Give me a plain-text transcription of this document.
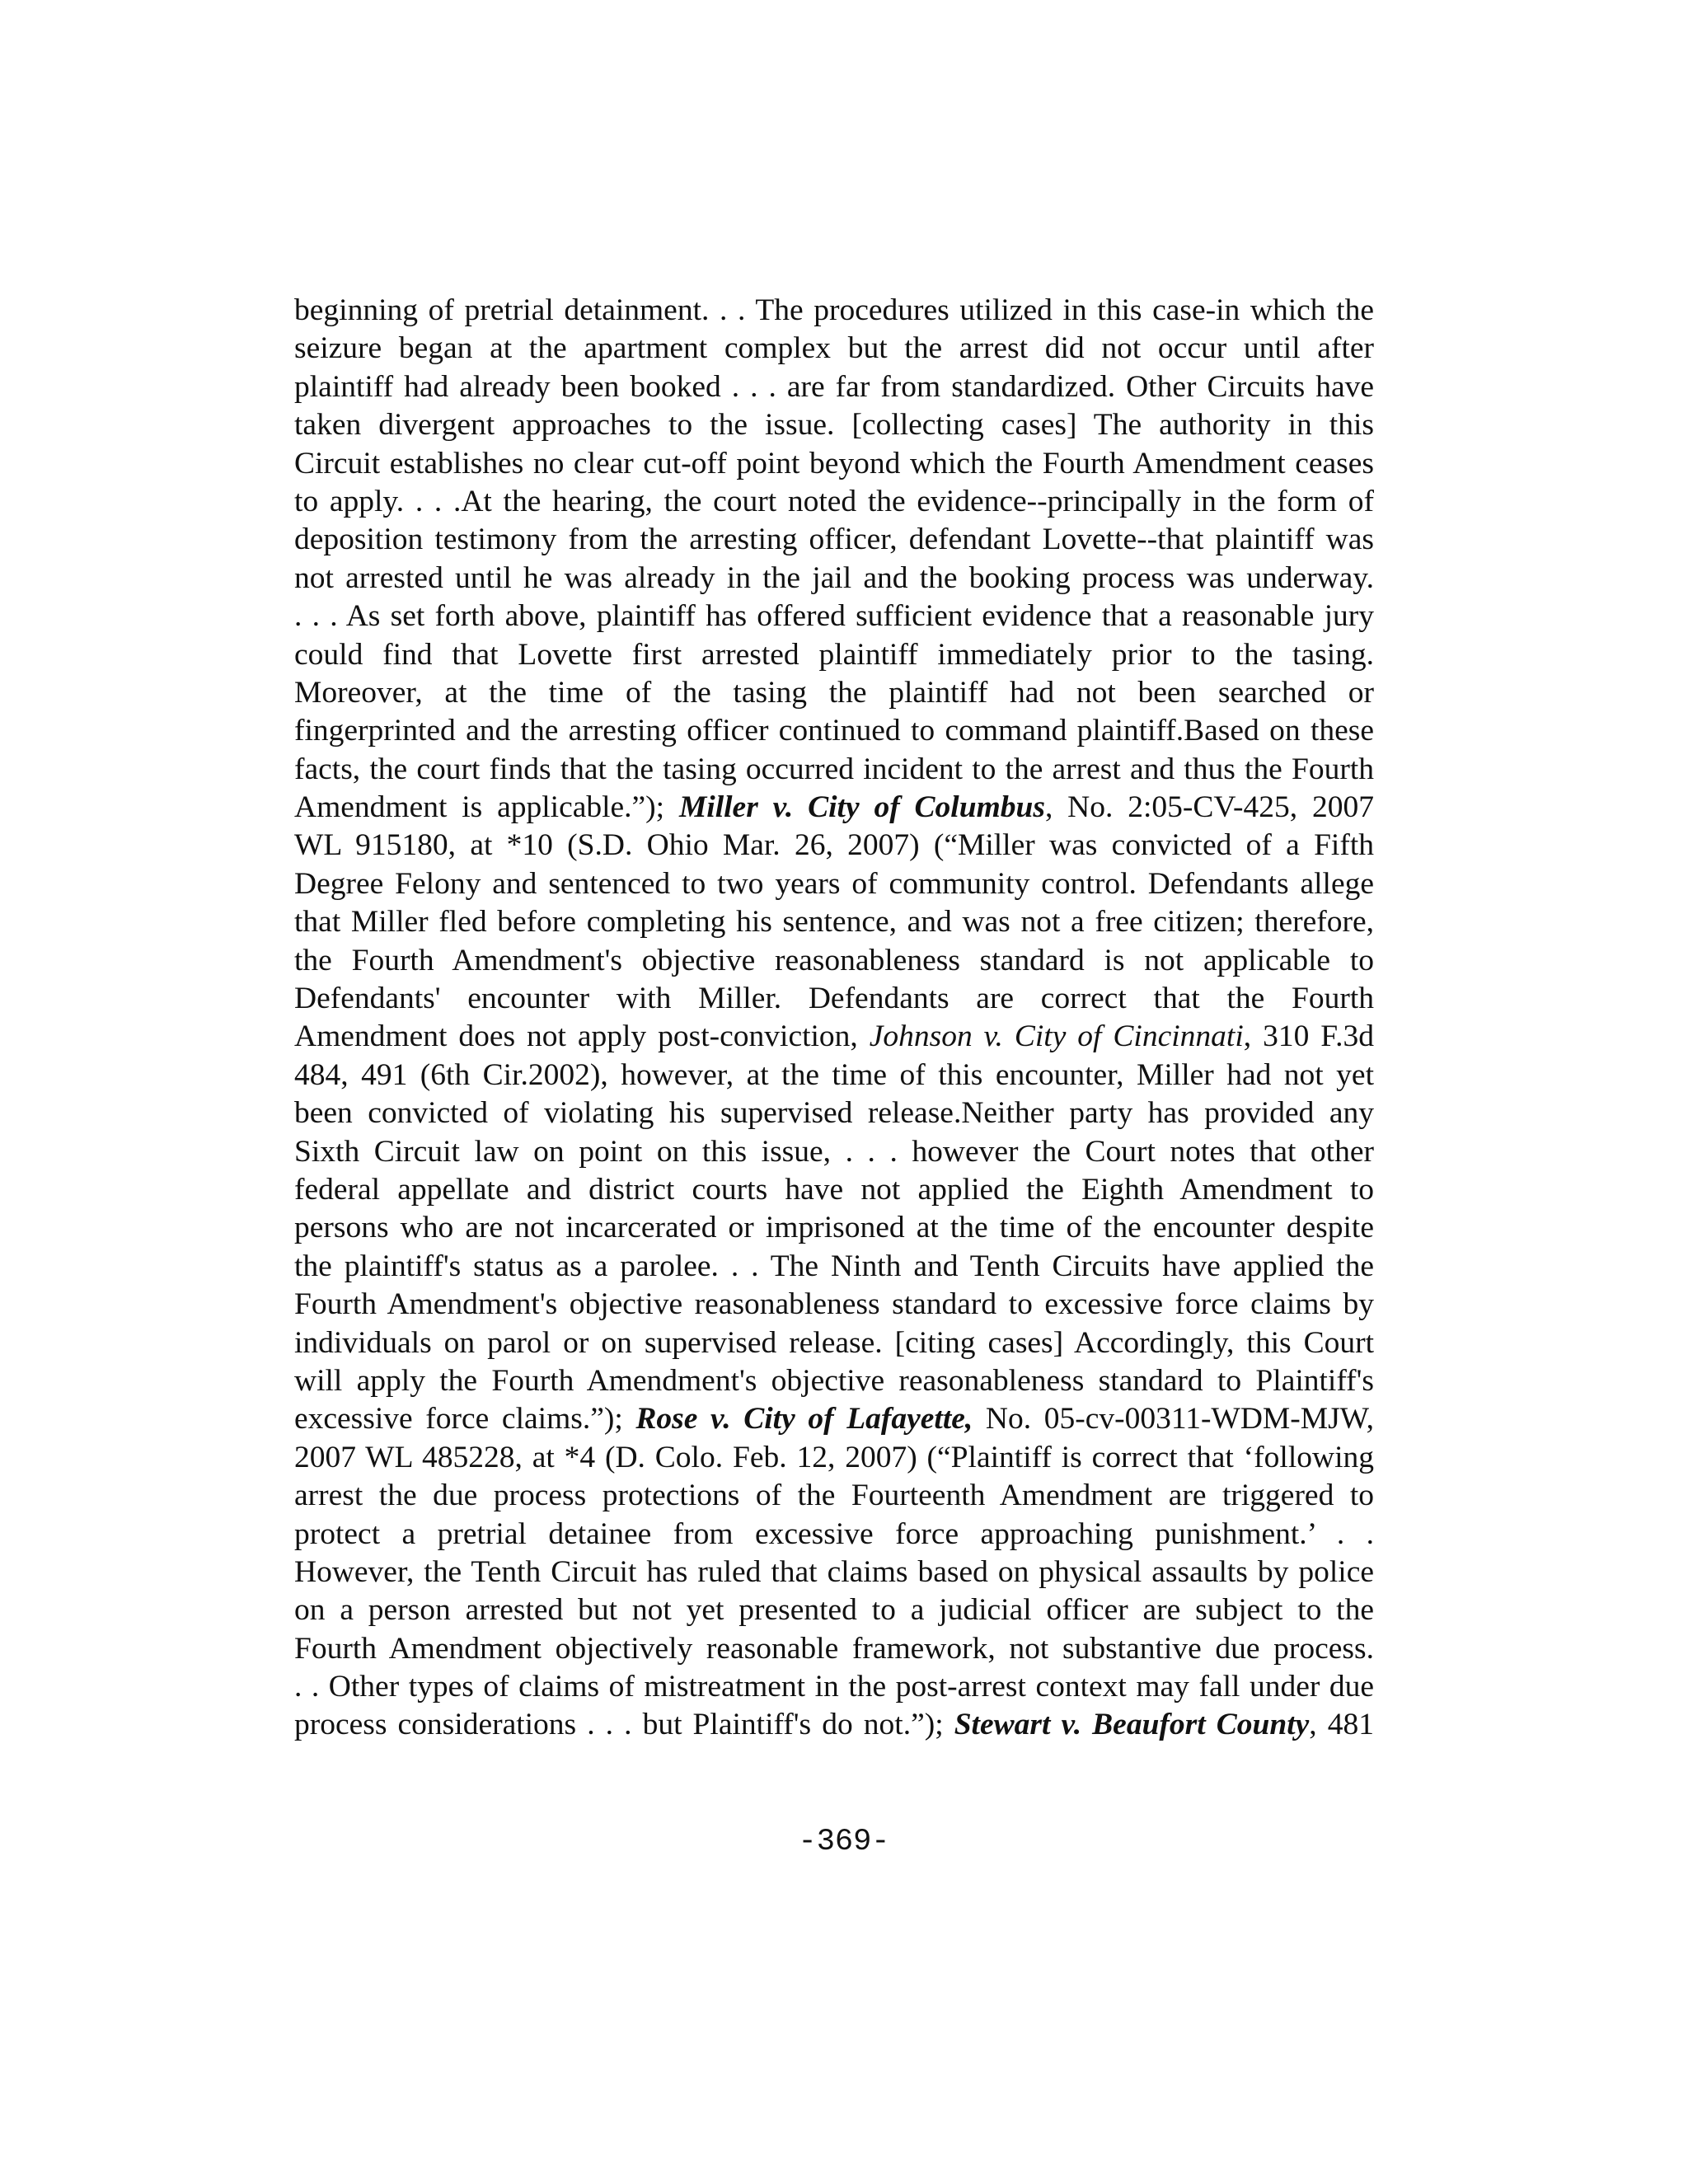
beginning of pretrial detainment. . . The procedures utilized in this case-in which the
seizure began at the apartment complex but the arrest did not occur until after
plaintiff had already been booked . . . are far from standardized. Other Circuits have
taken divergent approaches to the issue. [collecting cases] The authority in this
Circuit establishes no clear cut-off point beyond which the Fourth Amendment ceases
to apply. . . .At the hearing, the court noted the evidence--principally in the form of
deposition testimony from the arresting officer, defendant Lovette--that plaintiff was
not arrested until he was already in the jail and the booking process was underway.
. . . As set forth above, plaintiff has offered sufficient evidence that a reasonable jury
could find that Lovette first arrested plaintiff immediately prior to the tasing.
Moreover, at the time of the tasing the plaintiff had not been searched or
fingerprinted and the arresting officer continued to command plaintiff.Based on these
facts, the court finds that the tasing occurred incident to the arrest and thus the Fourth
Amendment is applicable.”); Miller v. City of Columbus, No. 2:05-CV-425, 2007
WL 915180, at *10 (S.D. Ohio Mar. 26, 2007) (“Miller was convicted of a Fifth
Degree Felony and sentenced to two years of community control. Defendants allege
that Miller fled before completing his sentence, and was not a free citizen; therefore,
the Fourth Amendment's objective reasonableness standard is not applicable to
Defendants' encounter with Miller. Defendants are correct that the Fourth
Amendment does not apply post-conviction, Johnson v. City of Cincinnati, 310 F.3d
484, 491 (6th Cir.2002), however, at the time of this encounter, Miller had not yet
been convicted of violating his supervised release.Neither party has provided any
Sixth Circuit law on point on this issue, . . . however the Court notes that other
federal appellate and district courts have not applied the Eighth Amendment to
persons who are not incarcerated or imprisoned at the time of the encounter despite
the plaintiff's status as a parolee. . . The Ninth and Tenth Circuits have applied the
Fourth Amendment's objective reasonableness standard to excessive force claims by
individuals on parol or on supervised release. [citing cases] Accordingly, this Court
will apply the Fourth Amendment's objective reasonableness standard to Plaintiff's
excessive force claims.”); Rose v. City of Lafayette, No. 05-cv-00311-WDM-MJW,
2007 WL 485228, at *4 (D. Colo. Feb. 12, 2007) (“Plaintiff is correct that ‘following
arrest the due process protections of the Fourteenth Amendment are triggered to
protect a pretrial detainee from excessive force approaching punishment.’ . .
However, the Tenth Circuit has ruled that claims based on physical assaults by police
on a person arrested but not yet presented to a judicial officer are subject to the
Fourth Amendment objectively reasonable framework, not substantive due process.
. . Other types of claims of mistreatment in the post-arrest context may fall under due
process considerations . . . but Plaintiff's do not.”); Stewart v. Beaufort County, 481
-369-
